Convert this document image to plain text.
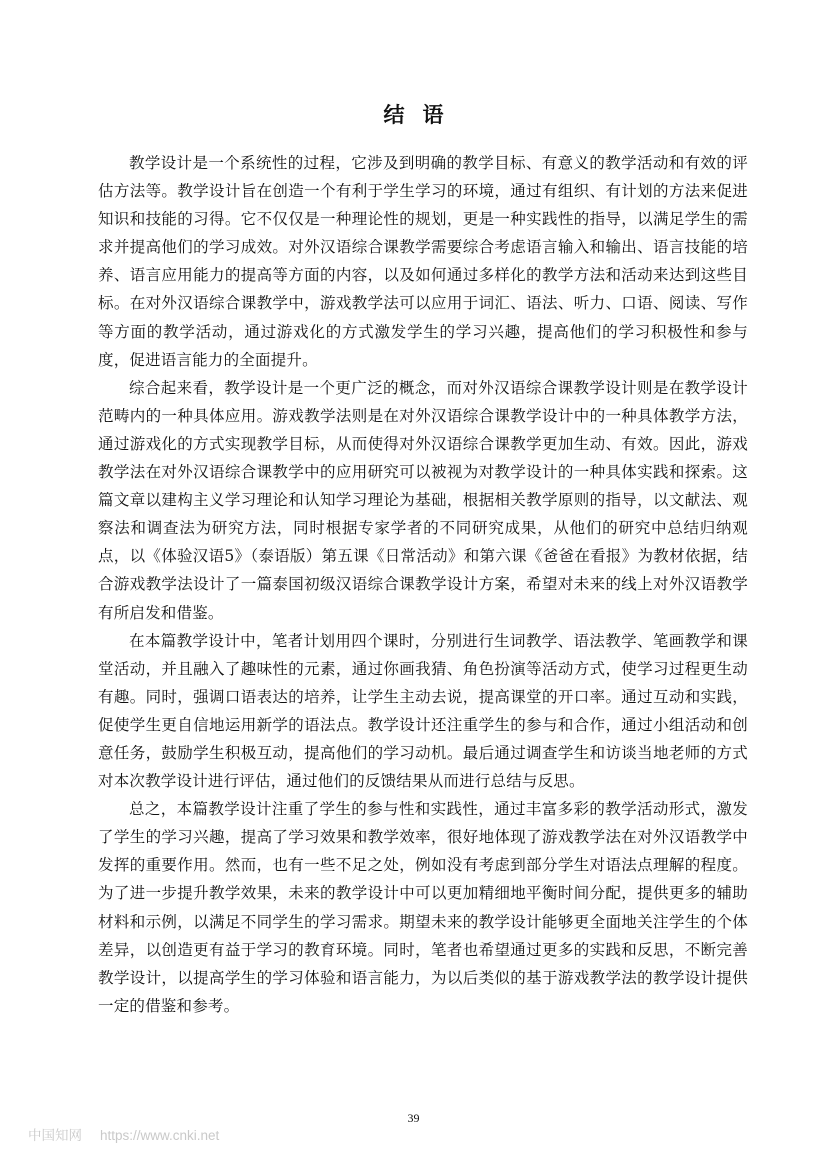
结语

教学设计是一个系统性的过程，它涉及到明确的教学目标、有意义的教学活动和有效的评估方法等。教学设计旨在创造一个有利于学生学习的环境，通过有组织、有计划的方法来促进知识和技能的习得。它不仅仅是一种理论性的规划，更是一种实践性的指导，以满足学生的需求并提高他们的学习成效。对外汉语综合课教学需要综合考虑语言输入和输出、语言技能的培养、语言应用能力的提高等方面的内容，以及如何通过多样化的教学方法和活动来达到这些目标。在对外汉语综合课教学中，游戏教学法可以应用于词汇、语法、听力、口语、阅读、写作等方面的教学活动，通过游戏化的方式激发学生的学习兴趣，提高他们的学习积极性和参与度，促进语言能力的全面提升。

综合起来看，教学设计是一个更广泛的概念，而对外汉语综合课教学设计则是在教学设计范畴内的一种具体应用。游戏教学法则是在对外汉语综合课教学设计中的一种具体教学方法，通过游戏化的方式实现教学目标，从而使得对外汉语综合课教学更加生动、有效。因此，游戏教学法在对外汉语综合课教学中的应用研究可以被视为对教学设计的一种具体实践和探索。这篇文章以建构主义学习理论和认知学习理论为基础，根据相关教学原则的指导，以文献法、观察法和调查法为研究方法，同时根据专家学者的不同研究成果，从他们的研究中总结归纳观点，以《体验汉语5》（泰语版）第五课《日常活动》和第六课《爸爸在看报》为教材依据，结合游戏教学法设计了一篇泰国初级汉语综合课教学设计方案，希望对未来的线上对外汉语教学有所启发和借鉴。

在本篇教学设计中，笔者计划用四个课时，分别进行生词教学、语法教学、笔画教学和课堂活动，并且融入了趣味性的元素，通过你画我猜、角色扮演等活动方式，使学习过程更生动有趣。同时，强调口语表达的培养，让学生主动去说，提高课堂的开口率。通过互动和实践，促使学生更自信地运用新学的语法点。教学设计还注重学生的参与和合作，通过小组活动和创意任务，鼓励学生积极互动，提高他们的学习动机。最后通过调查学生和访谈当地老师的方式对本次教学设计进行评估，通过他们的反馈结果从而进行总结与反思。

总之，本篇教学设计注重了学生的参与性和实践性，通过丰富多彩的教学活动形式，激发了学生的学习兴趣，提高了学习效果和教学效率，很好地体现了游戏教学法在对外汉语教学中发挥的重要作用。然而，也有一些不足之处，例如没有考虑到部分学生对语法点理解的程度。为了进一步提升教学效果，未来的教学设计中可以更加精细地平衡时间分配，提供更多的辅助材料和示例，以满足不同学生的学习需求。期望未来的教学设计能够更全面地关注学生的个体差异，以创造更有益于学习的教育环境。同时，笔者也希望通过更多的实践和反思，不断完善教学设计，以提高学生的学习体验和语言能力，为以后类似的基于游戏教学法的教学设计提供一定的借鉴和参考。

39
中国知网 https://www.cnki.net
